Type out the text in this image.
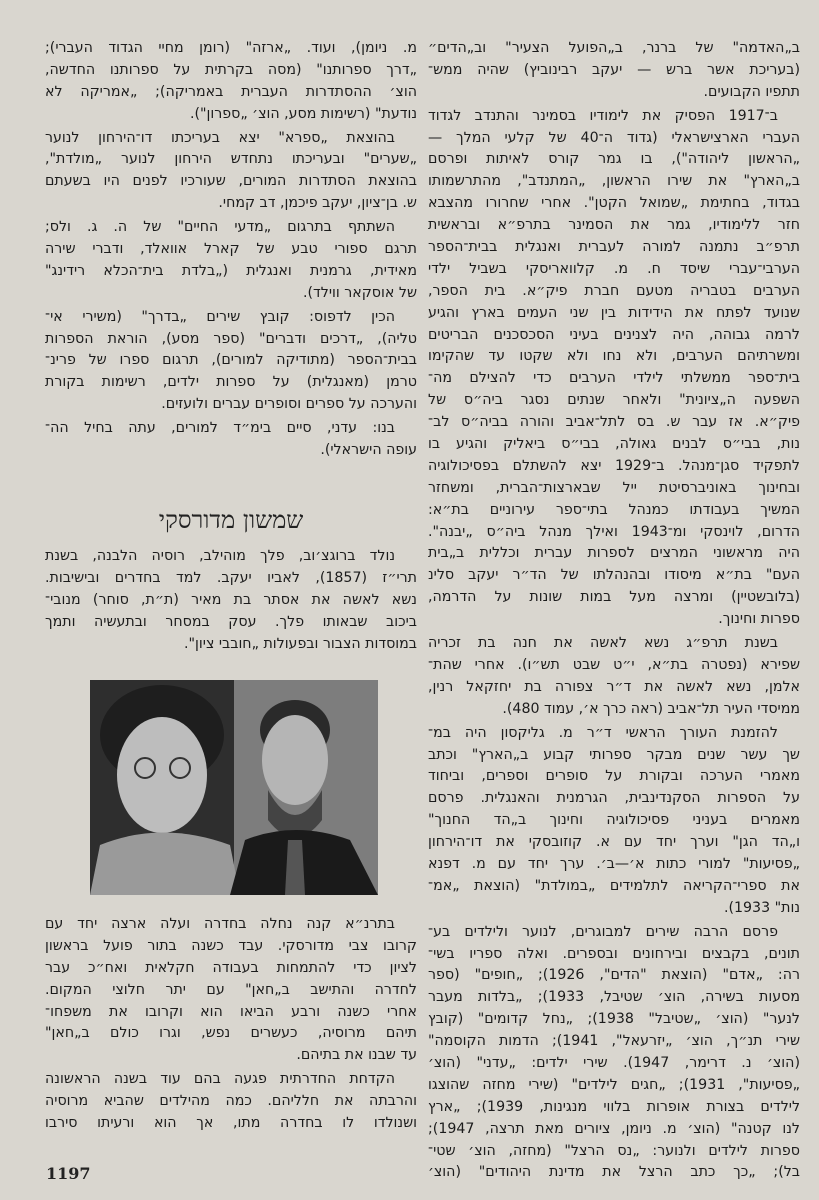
ב„האדמה" של ברנר, ב„הפועל הצעיר" וב„הדים״
(בעריכת אשר ברש — יעקב רבינוביץ) שהיה ממש־
תתפיו הקבועים.
ב־1917 הפסיק את לימודיו בסמינר והתנדב לגדוד
העברי הארצישראלי (גדוד ה־40 של קלעי המלך —
„הראשון ליהודה"), בו גמר קורס לאיתות ופרסם
ב„הארץ" את שירו הראשון, „המתנדב", מהתרשמותו
בגדוד, בחתימת „שמואל הקטן". אחרי שחרורו מהצבא
חזר ללימודיו, גמר את הסמינר בתרפ״א ובראשית
תרפ״ב נתמנה למורה לעברית ואנגלית בבית־הספר
הערבי־עברי שיסד ח. מ. קלוואריסקי בשביל ילדי
הערבים בטבריה מטעם חברת פיק״א. בית הספר,
שנועד לפתח את הידידות בין שני העמים בארץ והגיע
לרמה גבוהה, היה לצנינים בעיני הסכסכנים הבריטים
ומשרתיהם הערבים, ולא נחו ולא שקטו עד שהקימו
בית־ספר ממשלתי לילדי הערבים כדי להצילם מה־
השפעה ה„ציונית" ולאחר שנתים נסגר ביה״ס של
פיק״א. אז עבר ש. בס לתל־אביב והורה בביה״ס לב־
נות, בבי״ס לבנים גאולה, בבי״ס ביאליק והגיע בו
לתפקיד סגן־מנהל. ב־1929 יצא להשתלם בפסיכולוגיה
ובחינוך באוניברסיטת ייל שבארצות־הברית, ומשחזר
המשיך בעבודתו כמנהל בתי־ספר עירוניים בת״א:
הדרום, לוינסקי ומ־1943 ואילך מנהל ביה״ס „יבנה".
היה מראשוני המרצים לספרות עברית וכללית ב„בית
העם" בת״א מיסודו ובהנהלתו של הד״ר יעקב סלינ
(בלובשטיין) ומרצה מעל במות שונות על הדרמה,
ספרות וחינוך.
בשנת תרפ״ג נשא לאשה את חנה בת זכריה
שפירא (נפטרה בת״א, י״ט שבט תש״ו). אחרי שהת־
אלמן, נשא לאשה את ד״ר צפורה בת יחזקאל רנין,
ממיסדי העיר תל־אביב (ראה כרך א׳, עמוד 480).
להזמנת העורך הראשי ד״ר מ. גליקסון היה במ־
שך עשר שנים מבקר ספרותי קבוע ב„הארץ" וכתב
מאמרי הערכה ובקורת על סופרים וספרים, וביחוד
על הספרות הסקנדינבית, הגרמנית והאנגלית. פרסם
מאמרים בעניני פסיכולוגיה וחינוך ב„הד החנוך"
ו„הד הגן" וערך יחד עם א. קוזובסקי את דו־הירחון
„פסיעות" למורי כתות א׳—ב׳. ערך יחד עם מ. דפנא
את ספרי־הקריאה לתלמידים „במולדת" (הוצאת „אמ־
נות" 1933).
פרסם הרבה שירים למבוגרים, לנוער ולילדים בע־
תונים, בקבצים ובירחונים ובספרים. ואלה ספריו בשי־
רה: „אדם" (הוצאת "הדים", 1926); „חופים" (ספר
מסעות בשירה, הוצ׳ שטיבל, 1933); „בלדות מעבר
לנער" (הוצ׳ „שטיבל" 1938); „נחל קדומים" (קובץ
שירי תנ״ך, הוצ׳ „יזרעאל", 1941); הדמות הקוסמה"
(הוצ׳ נ. דרימר, 1947). שירי ילדים: „עדני" (הוצ׳
„פסיעות", 1931); „חגים לילדים" (שירי מחזה שהוצגו
לילדים בצורת אופרות בלווי מנגינות, 1939); „ארץ
לנו קטנה" (הוצ׳ מ. ניומן, ציורים מאת תרצה, 1947);
ספרות לילדים ולנוער: „נס הרצל" (מחזה, הוצ׳ שטי־
בל); „כך כתב הרצל את מדינת היהודים" (הוצ׳
מ. ניומן), ועוד. „ארזה" (רומן מחיי הגדוד העברי);
„דרך ספרותנו" (מסה בקרתית על ספרותנו החדשה,
הוצ׳ ההסתדרות העברית באמריקה); „אמריקה לא
נודעת" (רשימות מסע, הוצ׳ „ספרון").
בהוצאת „ספרא" יצא בעריכתו דו־הירחון לנוער
„שערים" ובעריכתו נתחדש הירחון לנוער „מולדת",
בהוצאת הסתדרות המורים, שעורכיו לפנים היו בשעתם
ש. בן־ציון, יעקב פיכמן, דב קמחי.
השתתף בתרגום „מדעי החיים" של ה. ג. ולס;
תרגם ספורי טבע של קארל אוואלד, ודברי שירה
מאידית, גרמנית ואנגלית („בלדת בית־הכלא רידינג"
של אוסקאר ווילד).
הכין לדפוס: קובץ שירים „בדרך" (משירי אי־
טליה), „דרכים ודברים" (ספר מסע), הוראת הספרות
בבית־הספר (מתודיקה למורים), תרגום ספרו של פרינ־
טרמן (מאנגלית) על ספרות ילדים, רשימות בקורת
והערכה על ספרים וסופרים עברים ולועזים.
בנו: עדני, סיים בימ״ד למורים, עתה בחיל הה־
עופה הישראלי).
שמשון מדורסקי
נולד ברוגצ׳וב, פלך מוהילב, רוסיה הלבנה, בשנת
תרי״ז (1857), לאביו יעקב. למד בחדרים ובישיבות.
נשא לאשה את אסתר בת מאיר (ת״ת, סוחר) מנובי־
ביכוב שבאותו פלך. עסק במסחר ובתעשיה ותמך
במוסדות הצבור ובפעולות „חובבי ציון".
בתרנ״א קנה נחלה בחדרה ועלה ארצה יחד עם
קרובו צבי מדורסקי. עבד כשנה בתור פועל בראשון
לציון כדי להתמחות בעבודה חקלאית ואח״כ עבר
לחדרה והתישב ב„חאן" עם יתר חלוצי המקום.
אחרי כשנה ורבע הביאו הוא וקרובו את משפחו־
תיהם מרוסיה, כעשרים נפש, וגרו כולם ב„חאן"
עד שבנו את בתיהם.
הקדחת החדרתית פגעה בהם עוד בשנה הראשונה
והרבתה את חלליהם. כמה מהילדים שהביא מרוסיה
ושנולדו לו בחדרה מתו, אך הוא ורעיתו סירבו
1197
